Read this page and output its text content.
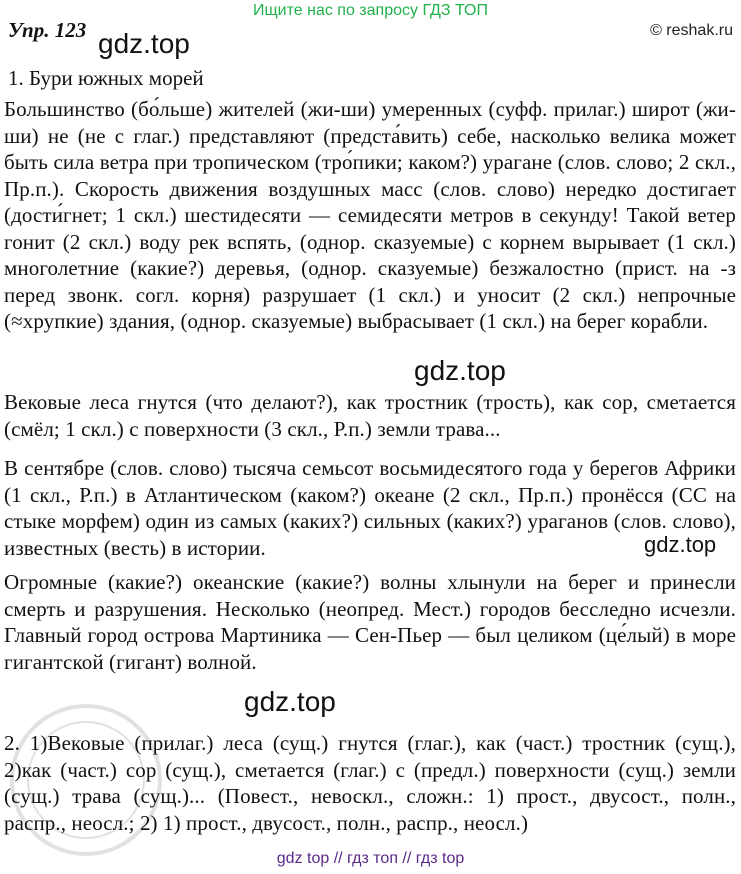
Ищите нас по запросу ГДЗ ТОП
Упр. 123	© reshak.ru
gdz.top
gdz.top
gdz.top
gdz.top
1. Бури южных морей
Большинство (бо́льше) жителей (жи-ши) умеренных (суфф. прилаг.) широт (жи-ши) не (не с глаг.) представляют (предста́вить) себе, насколько велика может быть сила ветра при тропическом (тро́пики; каком?) урагане (слов. слово; 2 скл., Пр.п.). Скорость движения воздушных масс (слов. слово) нередко достигает (дости́гнет; 1 скл.) шестидесяти — семидесяти метров в секунду! Такой ветер гонит (2 скл.) воду рек вспять, (однор. сказуемые) с корнем вырывает (1 скл.) многолетние (какие?) деревья, (однор. сказуемые) безжалостно (прист. на -з перед звонк. согл. корня) разрушает (1 скл.) и уносит (2 скл.) непрочные (≈хрупкие) здания, (однор. сказуемые) выбрасывает (1 скл.) на берег корабли.
Вековые леса гнутся (что делают?), как тростник (трость), как сор, сметается (смёл; 1 скл.) с поверхности (3 скл., Р.п.) земли трава...
В сентябре (слов. слово) тысяча семьсот восьмидесятого года у берегов Африки (1 скл., Р.п.) в Атлантическом (каком?) океане (2 скл., Пр.п.) пронёсся (СС на стыке морфем) один из самых (каких?) сильных (каких?) ураганов (слов. слово), известных (весть) в истории.
Огромные (какие?) океанские (какие?) волны хлынули на берег и принесли смерть и разрушения. Несколько (неопред. Мест.) городов бесследно исчезли. Главный город острова Мартиника — Сен-Пьер — был целиком (це́лый) в море гигантской (гигант) волной.
2. 1)Вековые (прилаг.) леса (сущ.) гнутся (глаг.), как (част.) тростник (сущ.), 2)как (част.) сор (сущ.), сметается (глаг.) с (предл.) поверхности (сущ.) земли (сущ.) трава (сущ.)... (Повест., невоскл., сложн.: 1) прост., двусост., полн., распр., неосл.; 2) 1) прост., двусост., полн., распр., неосл.)
gdz top // гдз топ // гдз top
